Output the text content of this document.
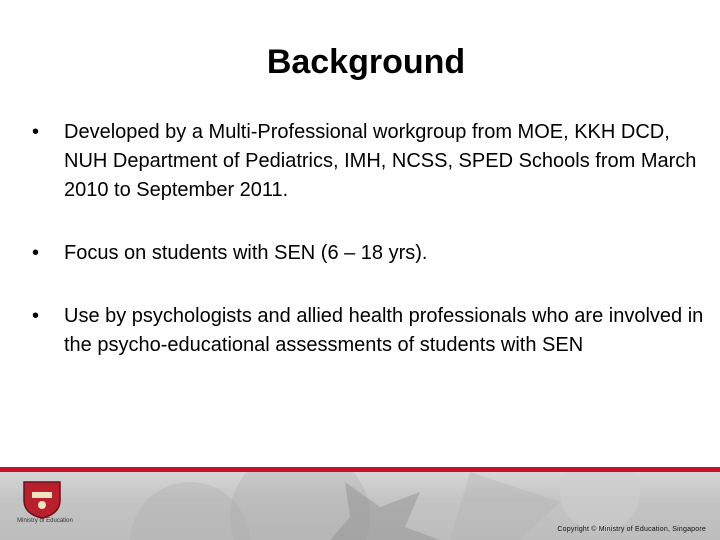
Background
• Developed by a Multi-Professional workgroup from MOE, KKH DCD, NUH Department of Pediatrics, IMH, NCSS, SPED Schools from March 2010 to September 2011.
• Focus on students with SEN (6 – 18 yrs).
• Use by psychologists and allied health professionals who are involved in the psycho-educational assessments of students with SEN
Ministry of Education
Copyright © Ministry of Education, Singapore
